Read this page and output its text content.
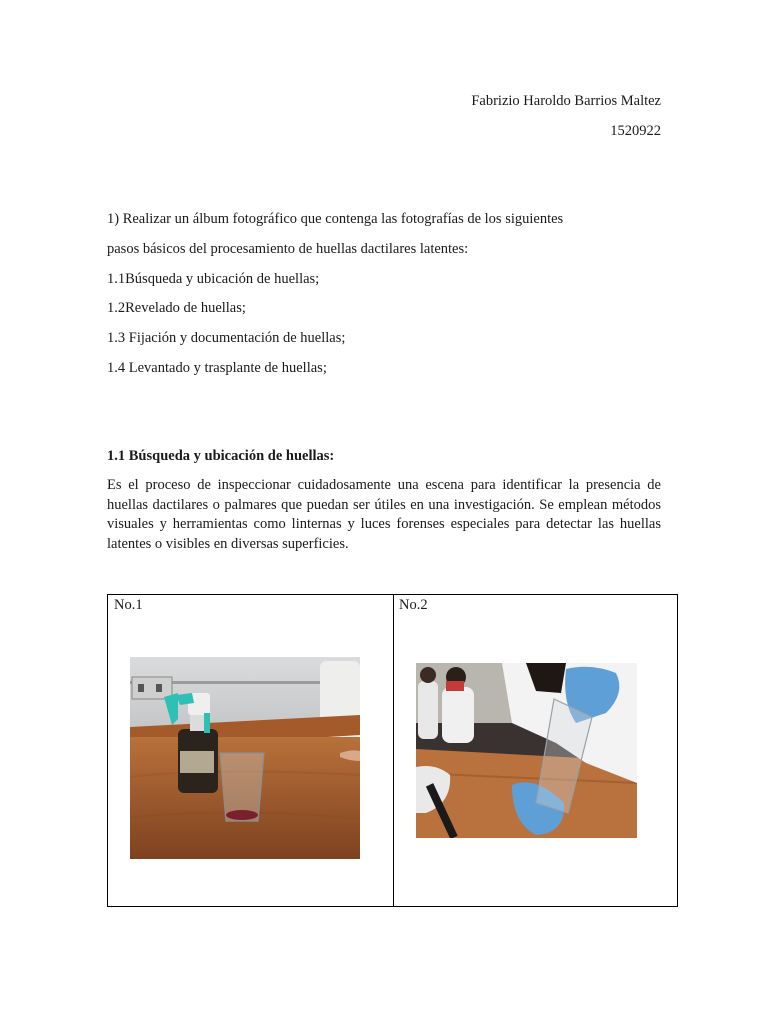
Fabrizio Haroldo Barrios Maltez
1520922
1) Realizar un álbum fotográfico que contenga las fotografías de los siguientes
pasos básicos del procesamiento de huellas dactilares latentes:
1.1Búsqueda y ubicación de huellas;
1.2Revelado de huellas;
1.3 Fijación y documentación de huellas;
1.4 Levantado y trasplante de huellas;
1.1 Búsqueda y ubicación de huellas:
Es el proceso de inspeccionar cuidadosamente una escena para identificar la presencia de huellas dactilares o palmares que puedan ser útiles en una investigación. Se emplean métodos visuales y herramientas como linternas y luces forenses especiales para detectar las huellas latentes o visibles en diversas superficies.
No.1	No.2
